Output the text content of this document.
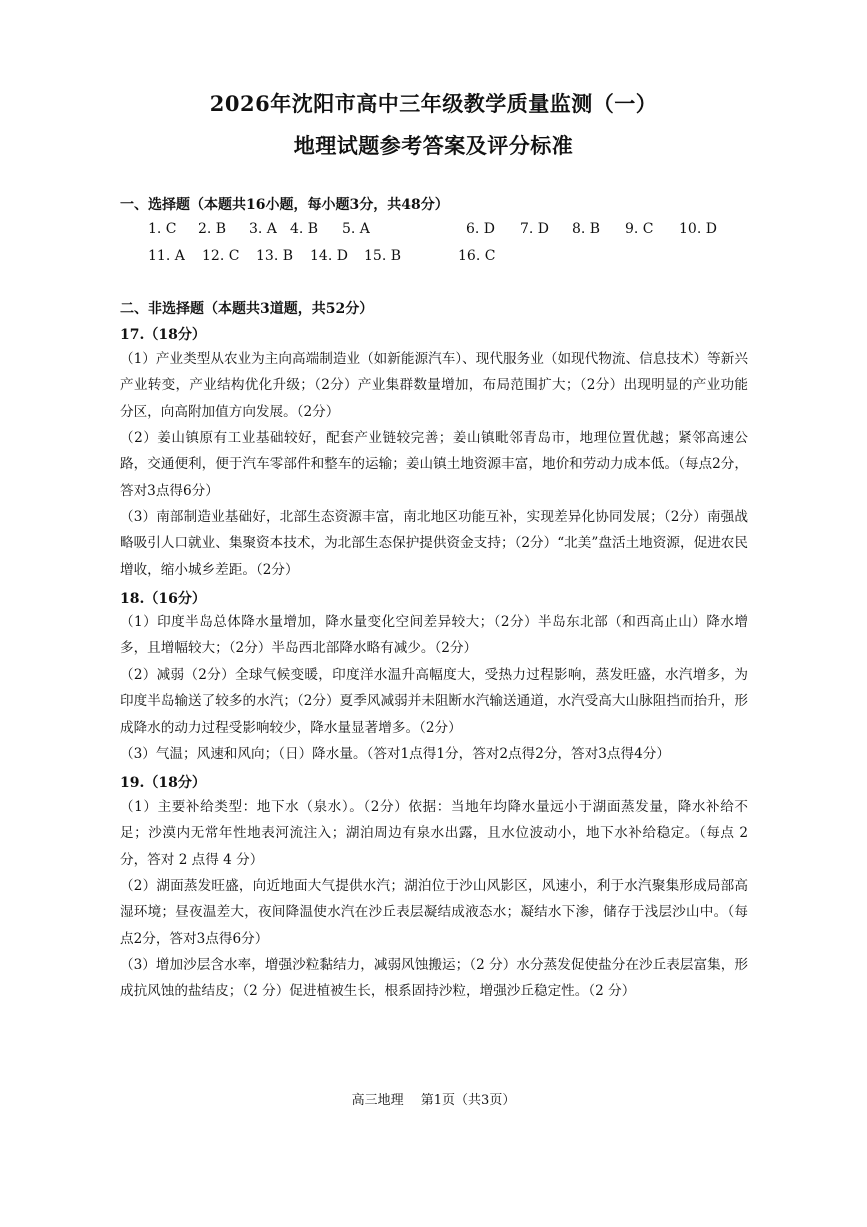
2026年沈阳市高中三年级教学质量监测（一）
地理试题参考答案及评分标准
一、选择题（本题共16小题，每小题3分，共48分）
1. C 2. B 3. A 4. B 5. A	6. D 7. D 8. B 9. C 10. D
11. A 12. C 13. B 14. D 15. B	16. C
二、非选择题（本题共3道题，共52分）
17.（18分）

（1）产业类型从农业为主向高端制造业（如新能源汽车）、现代服务业（如现代物流、信息技术）等新兴产业转变，产业结构优化升级；（2分）产业集群数量增加，布局范围扩大；（2分）出现明显的产业功能分区，向高附加值方向发展。（2分）

（2）姜山镇原有工业基础较好，配套产业链较完善；姜山镇毗邻青岛市，地理位置优越；紧邻高速公路，交通便利，便于汽车零部件和整车的运输；姜山镇土地资源丰富，地价和劳动力成本低。（每点2分，答对3点得6分）

（3）南部制造业基础好，北部生态资源丰富，南北地区功能互补，实现差异化协同发展；（2分）南强战略吸引人口就业、集聚资本技术，为北部生态保护提供资金支持；（2分）“北美”盘活土地资源，促进农民增收，缩小城乡差距。（2分）

18.（16分）

（1）印度半岛总体降水量增加，降水量变化空间差异较大；（2分）半岛东北部（和西高止山）降水增多，且增幅较大；（2分）半岛西北部降水略有减少。（2分）

（2）减弱（2分）全球气候变暖，印度洋水温升高幅度大，受热力过程影响，蒸发旺盛，水汽增多，为印度半岛输送了较多的水汽；（2分）夏季风减弱并未阻断水汽输送通道，水汽受高大山脉阻挡而抬升，形成降水的动力过程受影响较少，降水量显著增多。（2分）

（3）气温；风速和风向；（日）降水量。（答对1点得1分，答对2点得2分，答对3点得4分）

19.（18分）

（1）主要补给类型：地下水（泉水）。（2分）依据：当地年均降水量远小于湖面蒸发量，降水补给不足；沙漠内无常年性地表河流注入；湖泊周边有泉水出露，且水位波动小，地下水补给稳定。（每点 2 分，答对 2 点得 4 分）

（2）湖面蒸发旺盛，向近地面大气提供水汽；湖泊位于沙山风影区，风速小，利于水汽聚集形成局部高湿环境；昼夜温差大，夜间降温使水汽在沙丘表层凝结成液态水；凝结水下渗，储存于浅层沙山中。（每点2分，答对3点得6分）

（3）增加沙层含水率，增强沙粒黏结力，减弱风蚀搬运；（2 分）水分蒸发促使盐分在沙丘表层富集，形成抗风蚀的盐结皮；（2 分）促进植被生长，根系固持沙粒，增强沙丘稳定性。（2 分）

高三地理　 第1页（共3页）
